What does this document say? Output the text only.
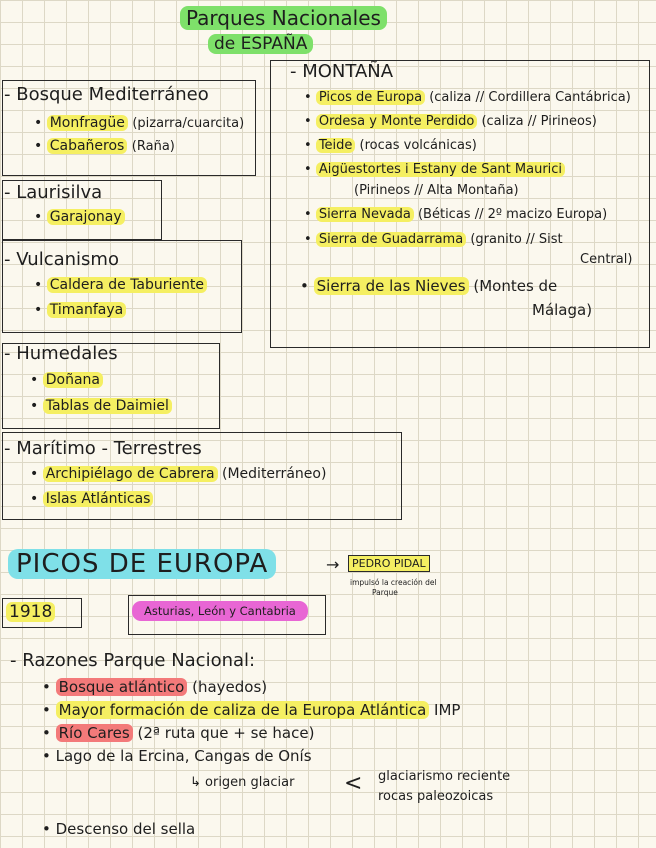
Parques Nacionales
de ESPAÑA
- Bosque Mediterráneo
• Monfragüe (pizarra/cuarcita)
• Cabañeros (Raña)
- Laurisilva
• Garajonay
- Vulcanismo
• Caldera de Taburiente
• Timanfaya
- Humedales
• Doñana
• Tablas de Daimiel
- Marítimo - Terrestres
• Archipiélago de Cabrera (Mediterráneo)
• Islas Atlánticas
- MONTAÑA
• Picos de Europa (caliza // Cordillera Cantábrica)
• Ordesa y Monte Perdido (caliza // Pirineos)
• Teide (rocas volcánicas)
• Aigüestortes i Estany de Sant Maurici
(Pirineos // Alta Montaña)
• Sierra Nevada (Béticas // 2º macizo Europa)
• Sierra de Guadarrama (granito // Sist
Central)
• Sierra de las Nieves (Montes de
Málaga)
PICOS DE EUROPA	→	PEDRO PIDAL
impulsó la creación del
Parque
1918	Asturias, León y Cantabria
- Razones Parque Nacional:
• Bosque atlántico (hayedos)
• Mayor formación de caliza de la Europa Atlántica IMP
• Río Cares (2ª ruta que + se hace)
• Lago de la Ercina, Cangas de Onís
↳ origen glaciar < glaciarismo reciente
rocas paleozoicas
• Descenso del sella
